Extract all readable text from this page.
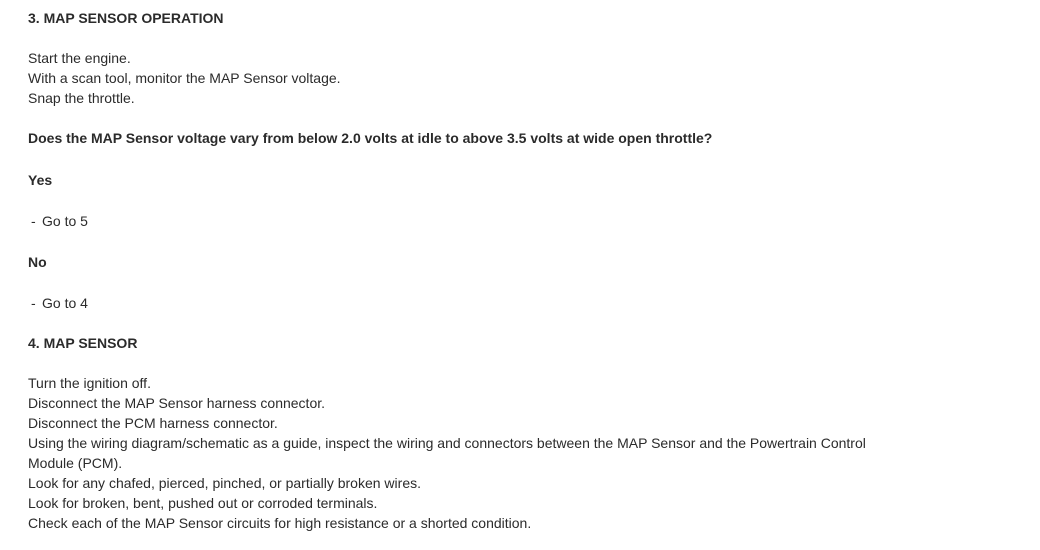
3. MAP SENSOR OPERATION
Start the engine.
With a scan tool, monitor the MAP Sensor voltage.
Snap the throttle.
Does the MAP Sensor voltage vary from below 2.0 volts at idle to above 3.5 volts at wide open throttle?
Yes
- Go to 5
No
- Go to 4
4. MAP SENSOR
Turn the ignition off.
Disconnect the MAP Sensor harness connector.
Disconnect the PCM harness connector.
Using the wiring diagram/schematic as a guide, inspect the wiring and connectors between the MAP Sensor and the Powertrain Control Module (PCM).
Look for any chafed, pierced, pinched, or partially broken wires.
Look for broken, bent, pushed out or corroded terminals.
Check each of the MAP Sensor circuits for high resistance or a shorted condition.
